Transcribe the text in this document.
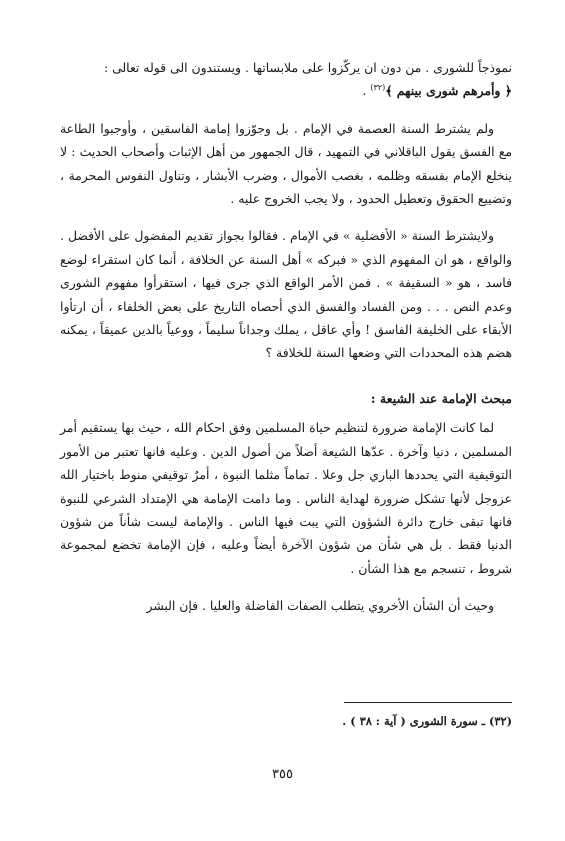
نموذجاً للشورى . من دون ان يركّزوا على ملابساتها . ويستندون الى قوله تعالى :
﴿ وأمرهم شورى بينهم ﴾$^{(٣٢)}$ .

ولم يشترط السنة العصمة في الإمام . بل وجوّزوا إمامة الفاسقين ، وأوجبوا الطاعة مع الفسق يقول الباقلاني في التمهيد ، قال الجمهور من أهل الإثبات وأصحاب الحديث : لا ينخلع الإمام بفسقه وظلمه ، بغصب الأموال ، وضرب الأبشار ، وتناول النفوس المحرمة ، وتضييع الحقوق وتعطيل الحدود ، ولا يجب الخروج عليه .

ولايشترط السنة « الأفضلية » في الإمام . فقالوا بجواز تقديم المفضول على الأفضل . والواقع ، هو ان المفهوم الذي « فبركه » أهل السنة عن الخلافة ، أنما كان استقراء لوضع فاسد ، هو « السقيفة » . فمن الأمر الواقع الذي جرى فيها ، استقرأوا مفهوم الشورى وعدم النص . . . ومن الفساد والفسق الذي أحصاه التاريخ على بعض الخلفاء ، أن ارتأوا الأبقاء على الخليفة الفاسق ! وأي عاقل ، يملك وجداناً سليماً ، ووعياً بالدين عميقاً ، يمكنه هضم هذه المحددات التي وضعها السنة للخلافة ؟

مبحث الإمامة عند الشيعة :

لما كانت الإمامة ضرورة لتنظيم حياة المسلمين وفق احكام الله ، حيث بها يستقيم أمر المسلمين ، دنيا وآخرة . عدّها الشيعة أصلاً من أصول الدين . وعليه فانها تعتبر من الأمور التوقيفية التي يحددها الباري جل وعلا . تماماً مثلما النبوة ، أمرٌ توقيفي منوط باختيار الله عزوجل لأنها تشكل ضرورة لهداية الناس . وما دامت الإمامة هي الإمتداد الشرعي للنبوة فانها تبقى خارج دائرة الشؤون التي يبت فيها الناس . والإمامة ليست شأناً من شؤون الدنيا فقط . بل هي شأن من شؤون الآخرة أيضاً وعليه ، فإن الإمامة تخضع لمجموعة شروط ، تنسجم مع هذا الشأن .

وحيث أن الشأن الأخروي يتطلب الصفات الفاضلة والعليا . فإن البشر

(٣٢) ـ سورة الشورى ( آية : ٣٨ ) .
٣٥٥
